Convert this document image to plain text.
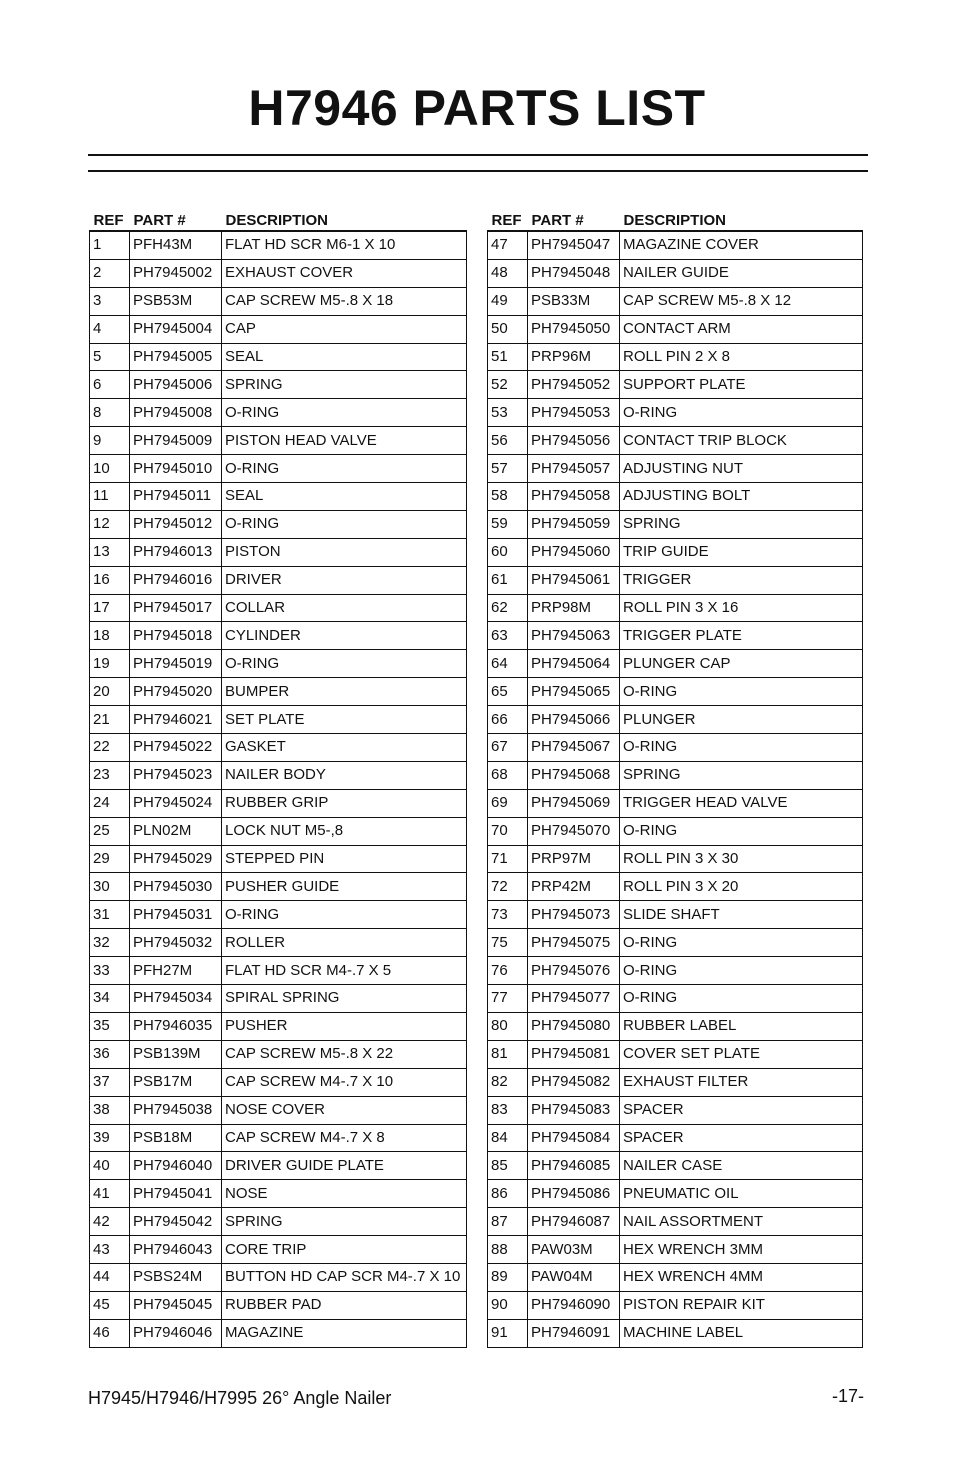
H7946 PARTS LIST
REF	PART #	DESCRIPTION
1	PFH43M	FLAT HD SCR M6-1 X 10
2	PH7945002	EXHAUST COVER
3	PSB53M	CAP SCREW M5-.8 X 18
4	PH7945004	CAP
5	PH7945005	SEAL
6	PH7945006	SPRING
8	PH7945008	O-RING
9	PH7945009	PISTON HEAD VALVE
10	PH7945010	O-RING
11	PH7945011	SEAL
12	PH7945012	O-RING
13	PH7946013	PISTON
16	PH7946016	DRIVER
17	PH7945017	COLLAR
18	PH7945018	CYLINDER
19	PH7945019	O-RING
20	PH7945020	BUMPER
21	PH7946021	SET PLATE
22	PH7945022	GASKET
23	PH7945023	NAILER BODY
24	PH7945024	RUBBER GRIP
25	PLN02M	LOCK NUT M5-,8
29	PH7945029	STEPPED PIN
30	PH7945030	PUSHER GUIDE
31	PH7945031	O-RING
32	PH7945032	ROLLER
33	PFH27M	FLAT HD SCR M4-.7 X 5
34	PH7945034	SPIRAL SPRING
35	PH7946035	PUSHER
36	PSB139M	CAP SCREW M5-.8 X 22
37	PSB17M	CAP SCREW M4-.7 X 10
38	PH7945038	NOSE COVER
39	PSB18M	CAP SCREW M4-.7 X 8
40	PH7946040	DRIVER GUIDE PLATE
41	PH7945041	NOSE
42	PH7945042	SPRING
43	PH7946043	CORE TRIP
44	PSBS24M	BUTTON HD CAP SCR M4-.7 X 10
45	PH7945045	RUBBER PAD
46	PH7946046	MAGAZINE
REF	PART #	DESCRIPTION
47	PH7945047	MAGAZINE COVER
48	PH7945048	NAILER GUIDE
49	PSB33M	CAP SCREW M5-.8 X 12
50	PH7945050	CONTACT ARM
51	PRP96M	ROLL PIN 2 X 8
52	PH7945052	SUPPORT PLATE
53	PH7945053	O-RING
56	PH7945056	CONTACT TRIP BLOCK
57	PH7945057	ADJUSTING NUT
58	PH7945058	ADJUSTING BOLT
59	PH7945059	SPRING
60	PH7945060	TRIP GUIDE
61	PH7945061	TRIGGER
62	PRP98M	ROLL PIN 3 X 16
63	PH7945063	TRIGGER PLATE
64	PH7945064	PLUNGER CAP
65	PH7945065	O-RING
66	PH7945066	PLUNGER
67	PH7945067	O-RING
68	PH7945068	SPRING
69	PH7945069	TRIGGER HEAD VALVE
70	PH7945070	O-RING
71	PRP97M	ROLL PIN 3 X 30
72	PRP42M	ROLL PIN 3 X 20
73	PH7945073	SLIDE SHAFT
75	PH7945075	O-RING
76	PH7945076	O-RING
77	PH7945077	O-RING
80	PH7945080	RUBBER LABEL
81	PH7945081	COVER SET PLATE
82	PH7945082	EXHAUST FILTER
83	PH7945083	SPACER
84	PH7945084	SPACER
85	PH7946085	NAILER CASE
86	PH7945086	PNEUMATIC OIL
87	PH7946087	NAIL ASSORTMENT
88	PAW03M	HEX WRENCH 3MM
89	PAW04M	HEX WRENCH 4MM
90	PH7946090	PISTON REPAIR KIT
91	PH7946091	MACHINE LABEL
H7945/H7946/H7995 26° Angle Nailer	-17-
